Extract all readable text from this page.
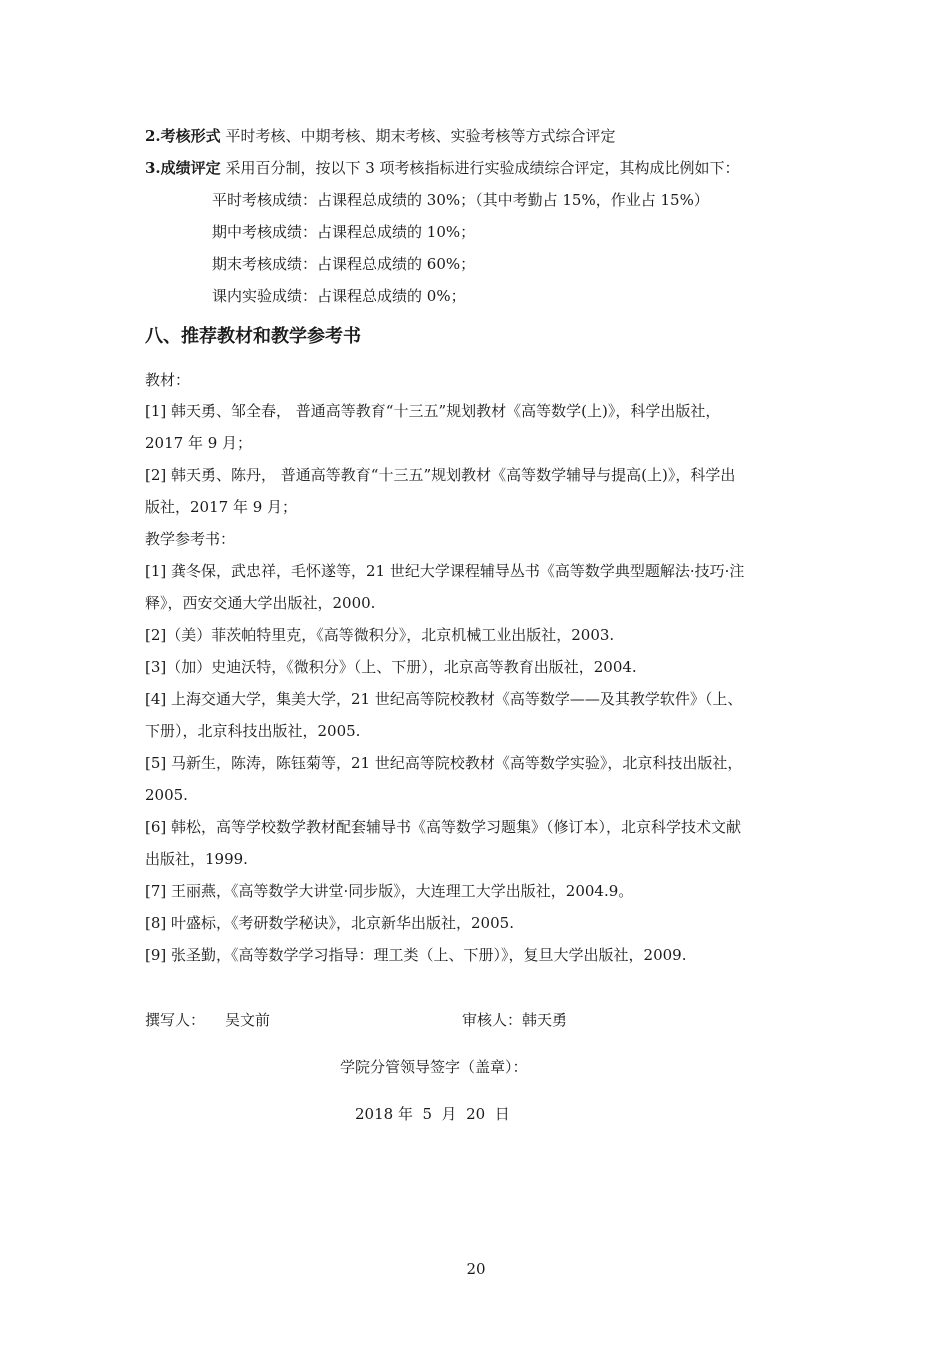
2.考核形式 平时考核、中期考核、期末考核、实验考核等方式综合评定
3.成绩评定 采用百分制，按以下 3 项考核指标进行实验成绩综合评定，其构成比例如下：
平时考核成绩：占课程总成绩的 30%；（其中考勤占 15%，作业占 15%）
期中考核成绩：占课程总成绩的 10%；
期末考核成绩：占课程总成绩的 60%；
课内实验成绩：占课程总成绩的 0%；
八、推荐教材和教学参考书
教材：
[1] 韩天勇、邹全春， 普通高等教育“十三五”规划教材《高等数学(上)》，科学出版社，
2017 年 9 月；
[2] 韩天勇、陈丹， 普通高等教育“十三五”规划教材《高等数学辅导与提高(上)》，科学出
版社，2017 年 9 月；
教学参考书：
[1] 龚冬保，武忠祥，毛怀遂等，21 世纪大学课程辅导丛书《高等数学典型题解法·技巧·注
释》，西安交通大学出版社，2000.
[2]（美）菲茨帕特里克，《高等微积分》，北京机械工业出版社，2003.
[3]（加）史迪沃特，《微积分》（上、下册），北京高等教育出版社，2004.
[4] 上海交通大学，集美大学，21 世纪高等院校教材《高等数学——及其教学软件》（上、
下册），北京科技出版社，2005.
[5] 马新生，陈涛，陈钰菊等，21 世纪高等院校教材《高等数学实验》，北京科技出版社，
2005.
[6] 韩松，高等学校数学教材配套辅导书《高等数学习题集》（修订本），北京科学技术文献
出版社，1999.
[7] 王丽燕，《高等数学大讲堂·同步版》，大连理工大学出版社，2004.9。
[8] 叶盛标，《考研数学秘诀》，北京新华出版社，2005.
[9] 张圣勤，《高等数学学习指导：理工类（上、下册）》，复旦大学出版社，2009.
撰写人： 吴文前	审核人：韩天勇
学院分管领导签字（盖章）：
2018 年  5  月  20  日
20
